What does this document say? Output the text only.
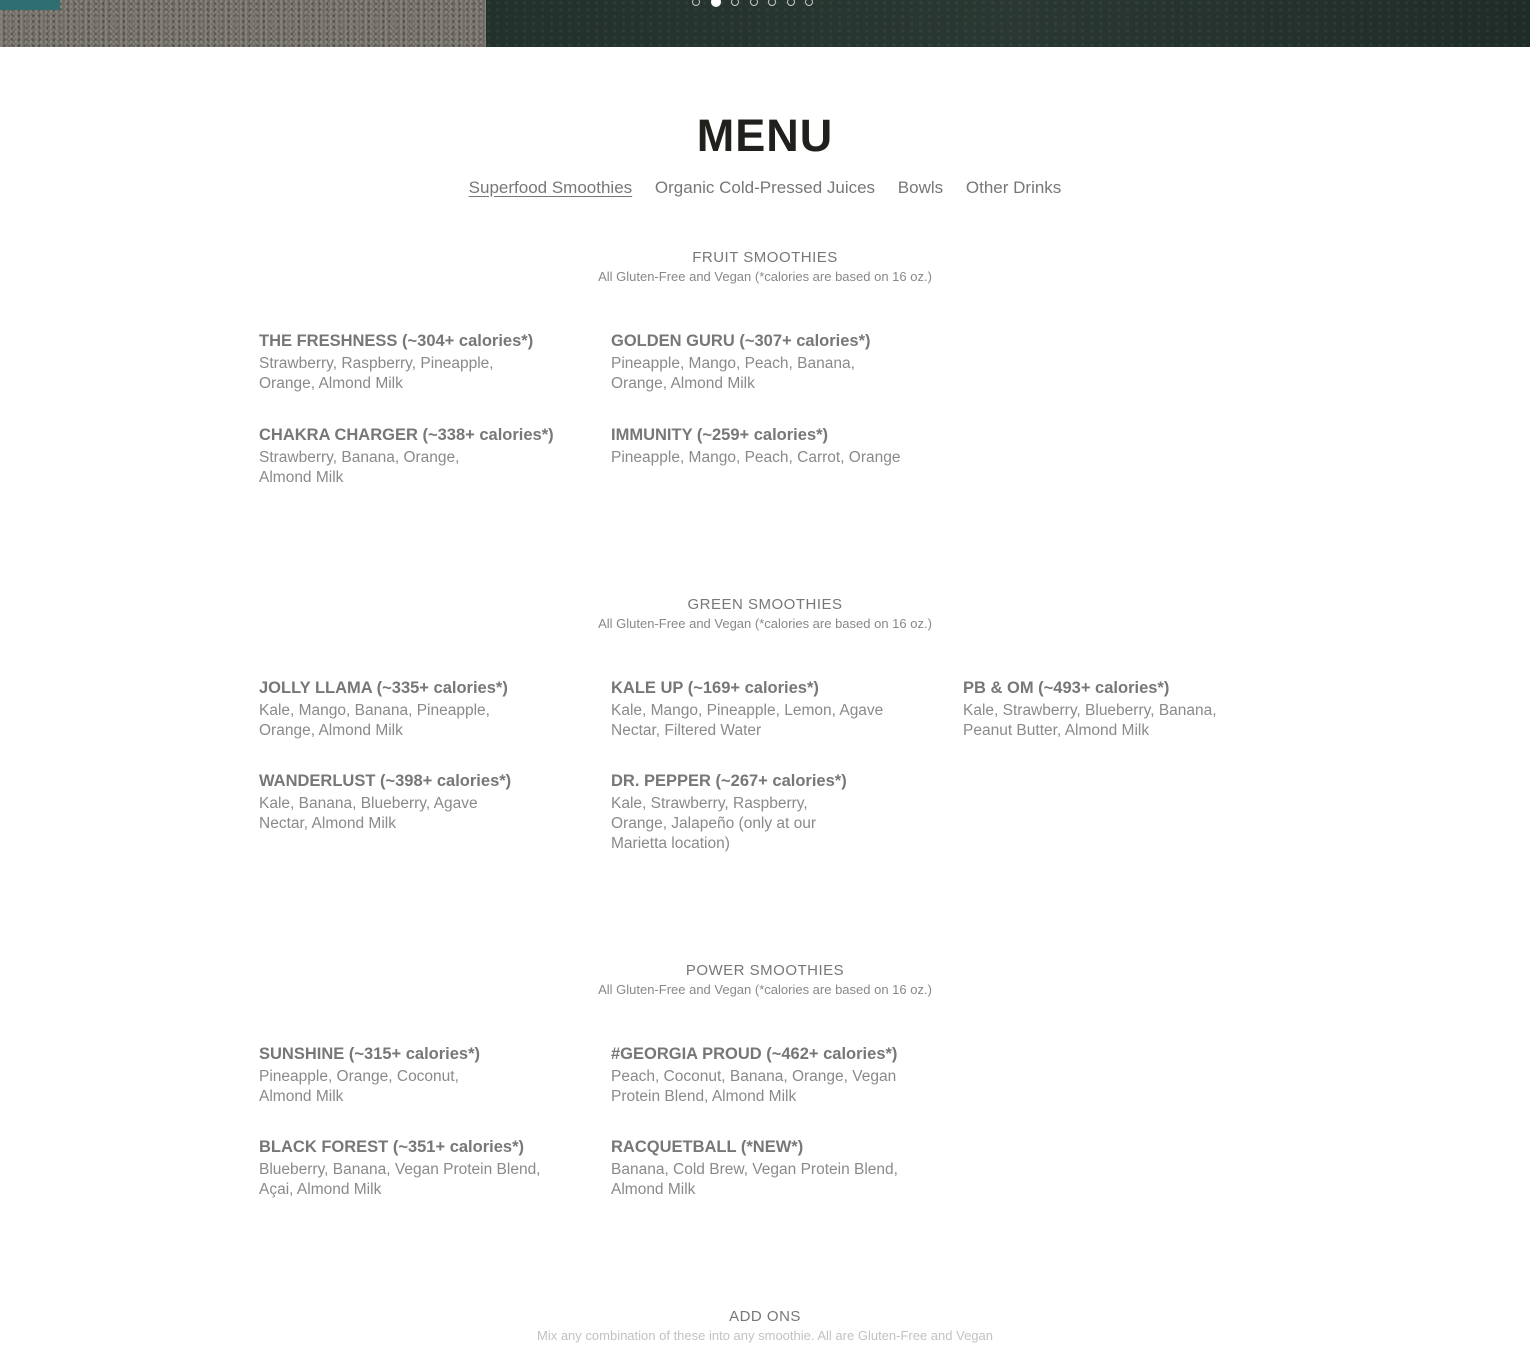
MENU
Superfood Smoothies Organic Cold-Pressed Juices Bowls Other Drinks
FRUIT SMOOTHIES
All Gluten-Free and Vegan (*calories are based on 16 oz.)
THE FRESHNESS (~304+ calories*)
Strawberry, Raspberry, Pineapple, Orange, Almond Milk
GOLDEN GURU (~307+ calories*)
Pineapple, Mango, Peach, Banana, Orange, Almond Milk
CHAKRA CHARGER (~338+ calories*)
Strawberry, Banana, Orange, Almond Milk
IMMUNITY (~259+ calories*)
Pineapple, Mango, Peach, Carrot, Orange
GREEN SMOOTHIES
All Gluten-Free and Vegan (*calories are based on 16 oz.)
JOLLY LLAMA (~335+ calories*)
Kale, Mango, Banana, Pineapple, Orange, Almond Milk
KALE UP (~169+ calories*)
Kale, Mango, Pineapple, Lemon, Agave Nectar, Filtered Water
PB & OM (~493+ calories*)
Kale, Strawberry, Blueberry, Banana, Peanut Butter, Almond Milk
WANDERLUST (~398+ calories*)
Kale, Banana, Blueberry, Agave Nectar, Almond Milk
DR. PEPPER (~267+ calories*)
Kale, Strawberry, Raspberry, Orange, Jalapeño (only at our Marietta location)
POWER SMOOTHIES
All Gluten-Free and Vegan (*calories are based on 16 oz.)
SUNSHINE (~315+ calories*)
Pineapple, Orange, Coconut, Almond Milk
#GEORGIA PROUD (~462+ calories*)
Peach, Coconut, Banana, Orange, Vegan Protein Blend, Almond Milk
BLACK FOREST (~351+ calories*)
Blueberry, Banana, Vegan Protein Blend, Açai, Almond Milk
RACQUETBALL (*NEW*)
Banana, Cold Brew, Vegan Protein Blend, Almond Milk
ADD ONS
Mix any combination of these into any smoothie. All are Gluten-Free and Vegan
